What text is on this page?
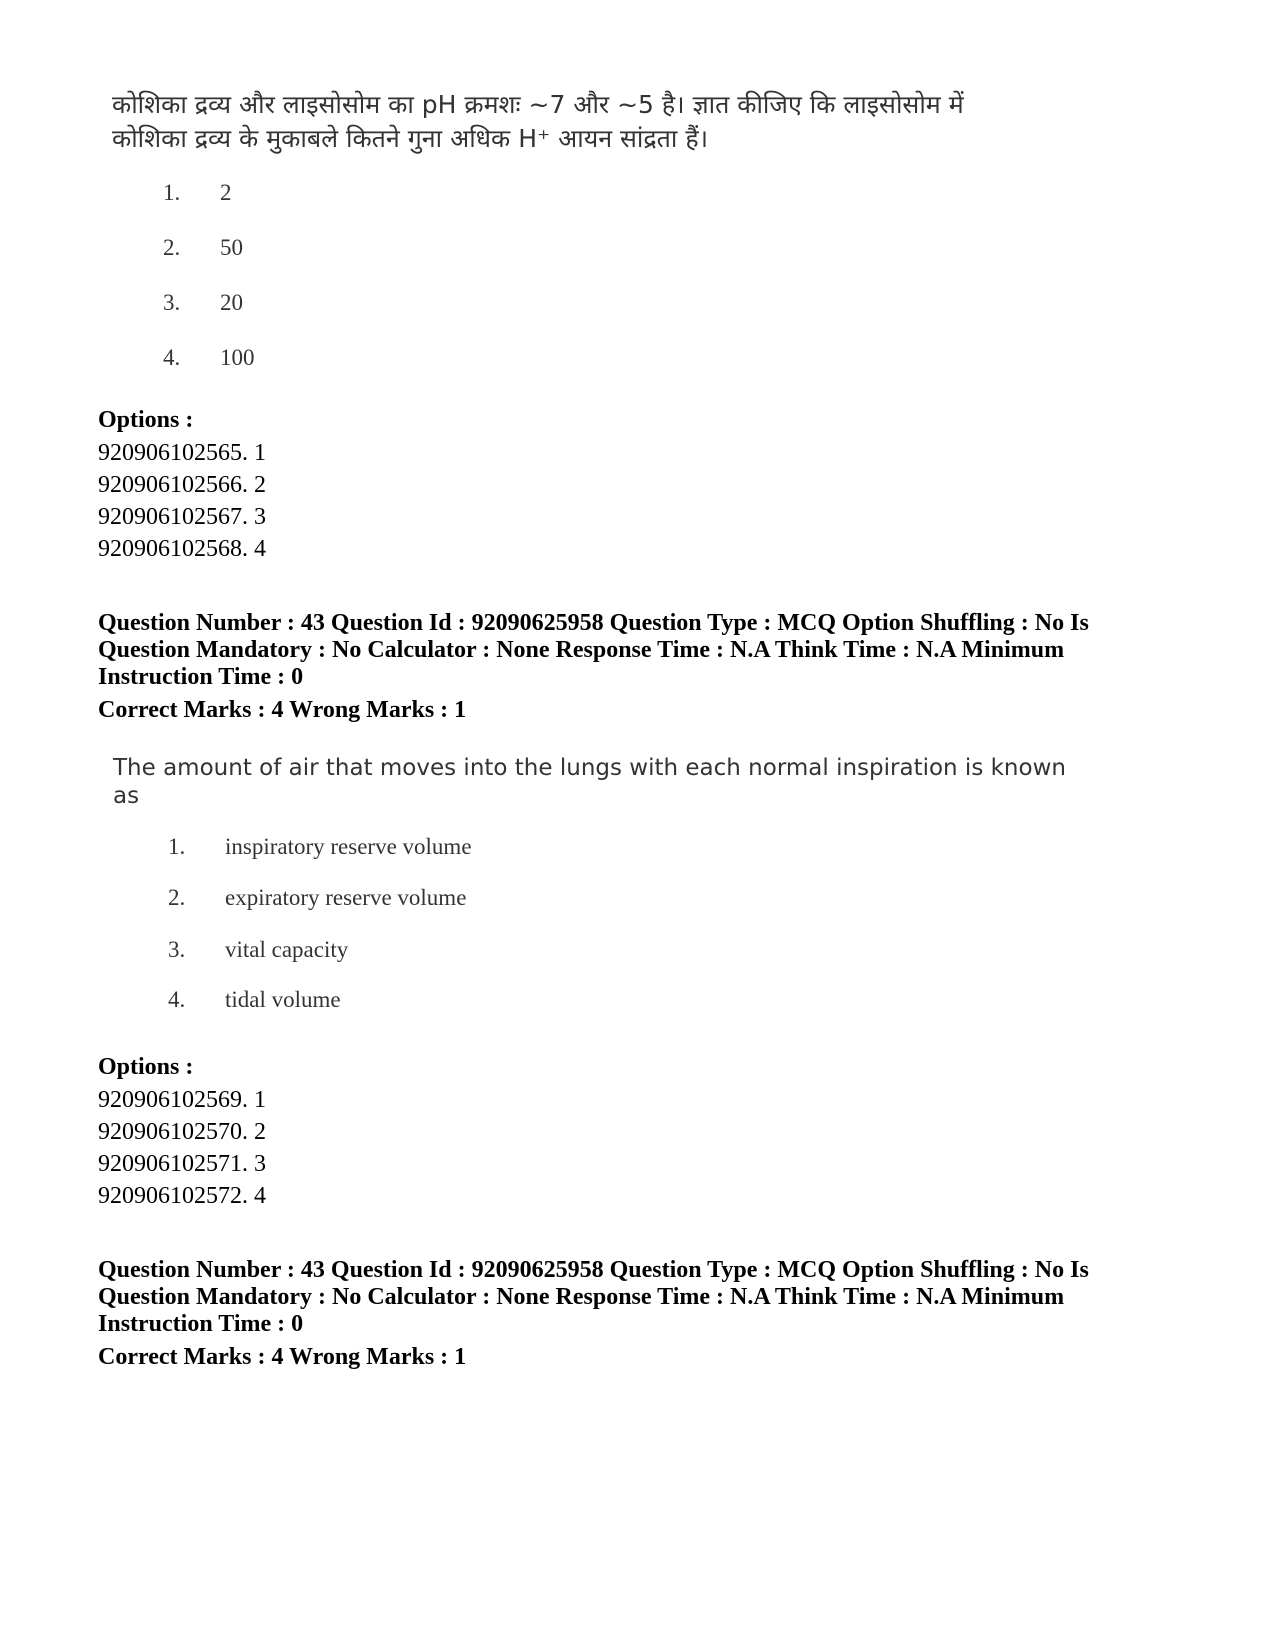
कोशिका द्रव्य और लाइसोसोम का pH क्रमशः ~7 और ~5 है। ज्ञात कीजिए कि लाइसोसोम में
कोशिका द्रव्य के मुकाबले कितने गुना अधिक H⁺ आयन सांद्रता हैं।
1.	2
2.	50
3.	20
4.	100
Options :
920906102565. 1
920906102566. 2
920906102567. 3
920906102568. 4
Question Number : 43 Question Id : 92090625958 Question Type : MCQ Option Shuffling : No Is
Question Mandatory : No Calculator : None Response Time : N.A Think Time : N.A Minimum
Instruction Time : 0
Correct Marks : 4 Wrong Marks : 1
The amount of air that moves into the lungs with each normal inspiration is known
as
1.	inspiratory reserve volume
2.	expiratory reserve volume
3.	vital capacity
4.	tidal volume
Options :
920906102569. 1
920906102570. 2
920906102571. 3
920906102572. 4
Question Number : 43 Question Id : 92090625958 Question Type : MCQ Option Shuffling : No Is
Question Mandatory : No Calculator : None Response Time : N.A Think Time : N.A Minimum
Instruction Time : 0
Correct Marks : 4 Wrong Marks : 1
